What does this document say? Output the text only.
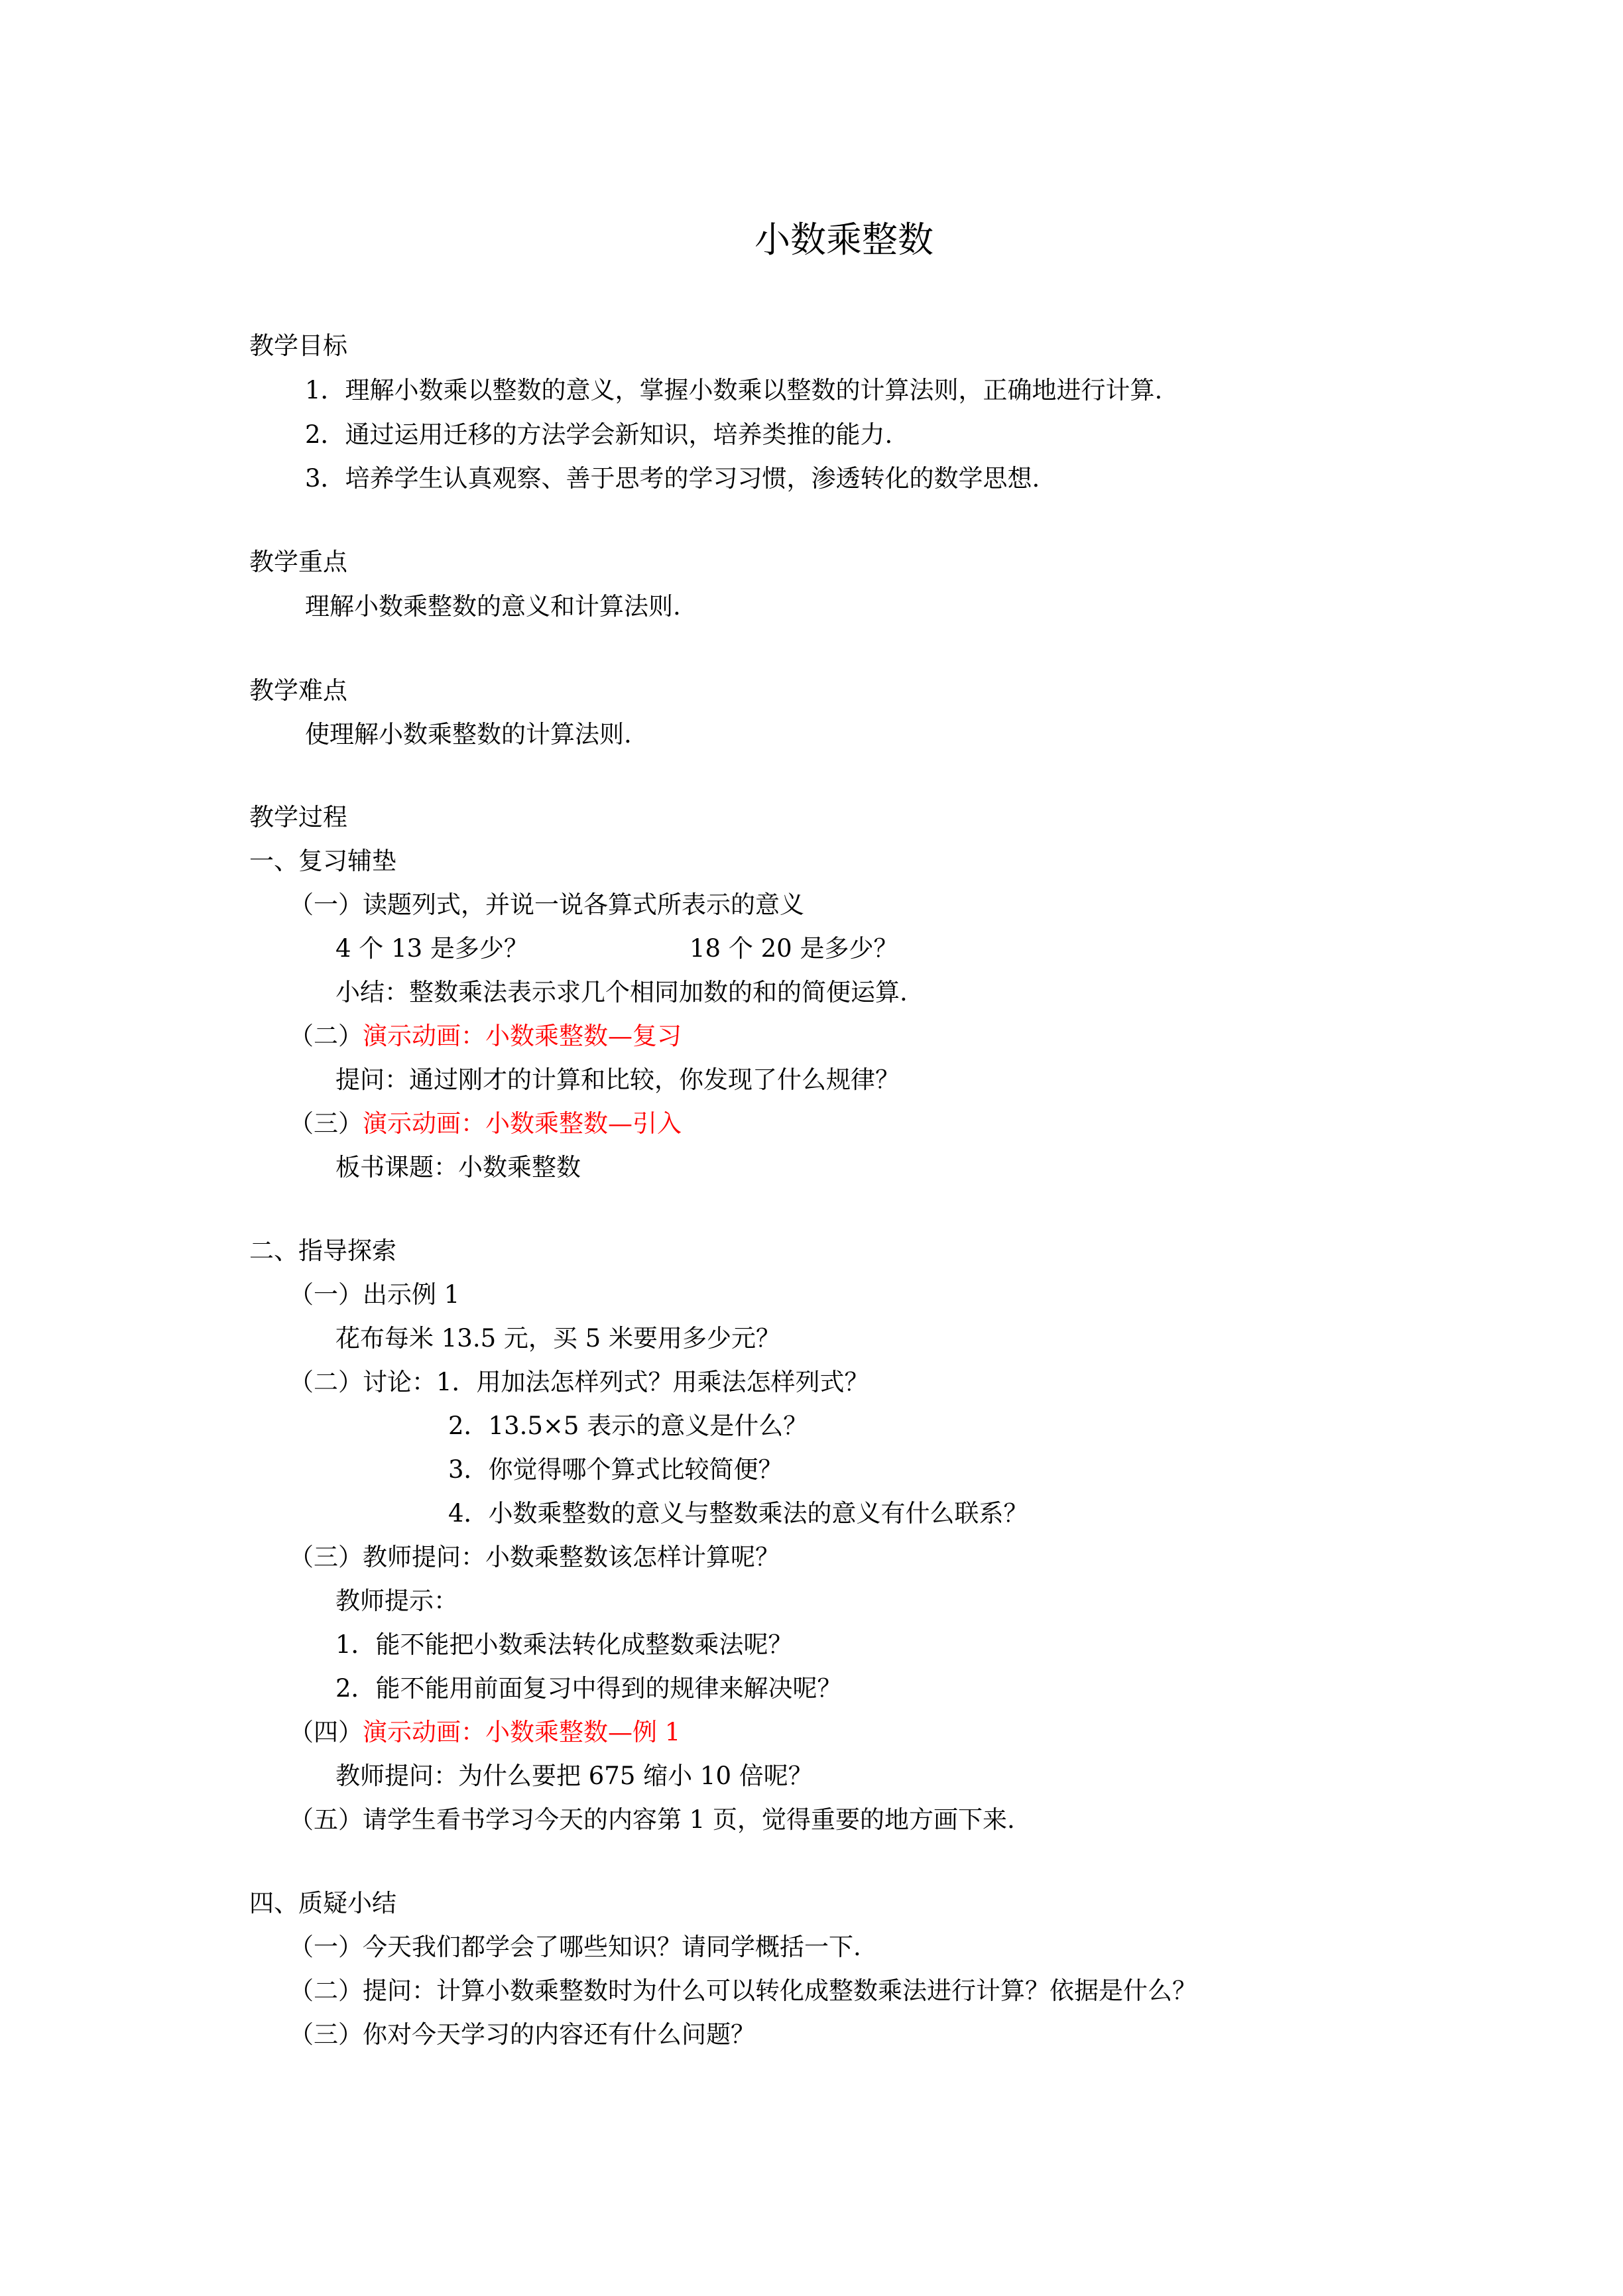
小数乘整数
教学目标
1．理解小数乘以整数的意义，掌握小数乘以整数的计算法则，正确地进行计算.
2．通过运用迁移的方法学会新知识，培养类推的能力.
3．培养学生认真观察、善于思考的学习习惯，渗透转化的数学思想.
教学重点
理解小数乘整数的意义和计算法则.
教学难点
使理解小数乘整数的计算法则.
教学过程
一、复习辅垫
（一）读题列式，并说一说各算式所表示的意义
4 个 13 是多少？	18 个 20 是多少？
小结：整数乘法表示求几个相同加数的和的简便运算.
（二）演示动画：小数乘整数—复习
提问：通过刚才的计算和比较，你发现了什么规律？
（三）演示动画：小数乘整数—引入
板书课题：小数乘整数
二、指导探索
（一）出示例 1
花布每米 13.5 元，买 5 米要用多少元？
（二）讨论：1．用加法怎样列式？用乘法怎样列式？
2．13.5×5 表示的意义是什么？
3．你觉得哪个算式比较简便？
4．小数乘整数的意义与整数乘法的意义有什么联系？
（三）教师提问：小数乘整数该怎样计算呢？
教师提示：
1．能不能把小数乘法转化成整数乘法呢？
2．能不能用前面复习中得到的规律来解决呢？
（四）演示动画：小数乘整数—例 1
教师提问：为什么要把 675 缩小 10 倍呢？
（五）请学生看书学习今天的内容第 1 页，觉得重要的地方画下来.
四、质疑小结
（一）今天我们都学会了哪些知识？请同学概括一下.
（二）提问：计算小数乘整数时为什么可以转化成整数乘法进行计算？依据是什么？
（三）你对今天学习的内容还有什么问题？
